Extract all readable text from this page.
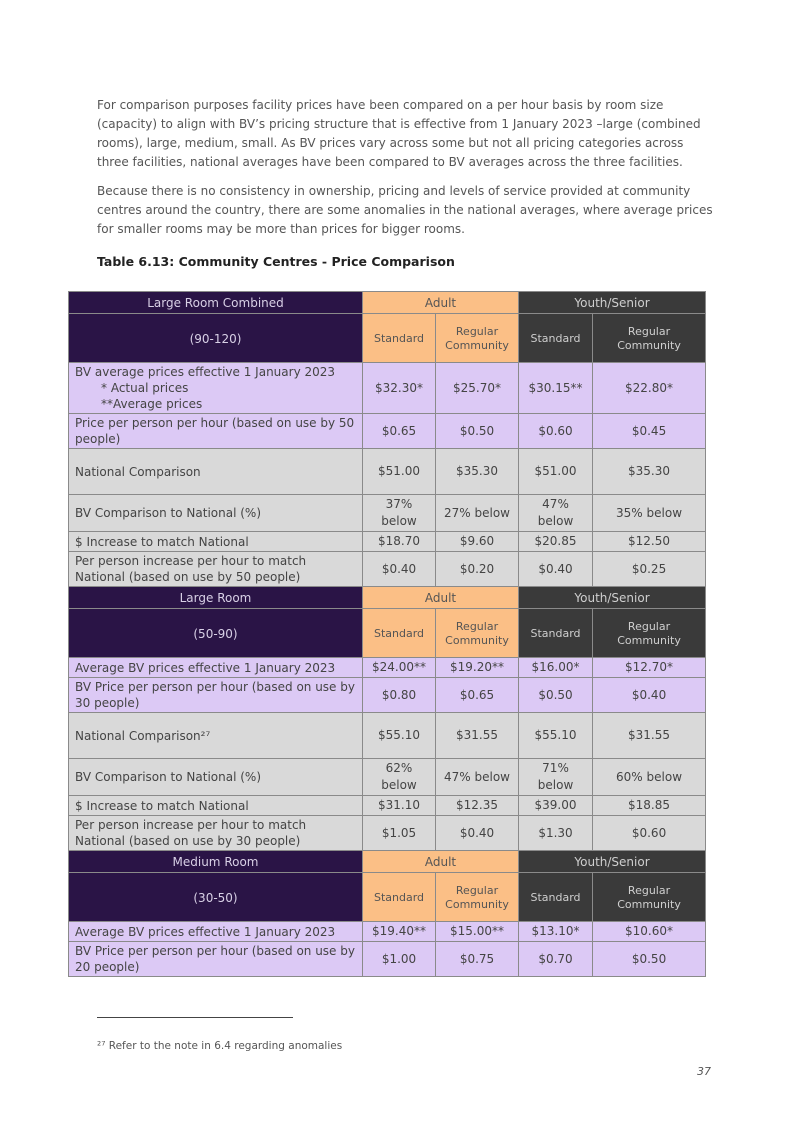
For comparison purposes facility prices have been compared on a per hour basis by room size (capacity) to align with BV’s pricing structure that is effective from 1 January 2023 –large (combined rooms), large, medium, small. As BV prices vary across some but not all pricing categories across three facilities, national averages have been compared to BV averages across the three facilities.

Because there is no consistency in ownership, pricing and levels of service provided at community centres around the country, there are some anomalies in the national averages, where average prices for smaller rooms may be more than prices for bigger rooms.

Table 6.13: Community Centres - Price Comparison
Large Room Combined	Adult		Youth/Senior	
(90-120)	Standard	Regular Community	Standard	Regular Community
BV average prices effective 1 January 2023
* Actual prices
**Average prices	$32.30*	$25.70*	$30.15**	$22.80*
Price per person per hour (based on use by 50 people)	$0.65	$0.50	$0.60	$0.45
National Comparison	$51.00	$35.30	$51.00	$35.30
BV Comparison to National (%)	37% below	27% below	47% below	35% below
$ Increase to match National	$18.70	$9.60	$20.85	$12.50
Per person increase per hour to match National (based on use by 50 people)	$0.40	$0.20	$0.40	$0.25
Large Room	Adult		Youth/Senior	
(50-90)	Standard	Regular Community	Standard	Regular Community
Average BV prices effective 1 January 2023	$24.00**	$19.20**	$16.00*	$12.70*
BV Price per person per hour (based on use by 30 people)	$0.80	$0.65	$0.50	$0.40
National Comparison²⁷	$55.10	$31.55	$55.10	$31.55
BV Comparison to National (%)	62% below	47% below	71% below	60% below
$ Increase to match National	$31.10	$12.35	$39.00	$18.85
Per person increase per hour to match National (based on use by 30 people)	$1.05	$0.40	$1.30	$0.60
Medium Room	Adult		Youth/Senior	
(30-50)	Standard	Regular Community	Standard	Regular Community
Average BV prices effective 1 January 2023	$19.40**	$15.00**	$13.10*	$10.60*
BV Price per person per hour (based on use by 20 people)	$1.00	$0.75	$0.70	$0.50
²⁷ Refer to the note in 6.4 regarding anomalies
37
